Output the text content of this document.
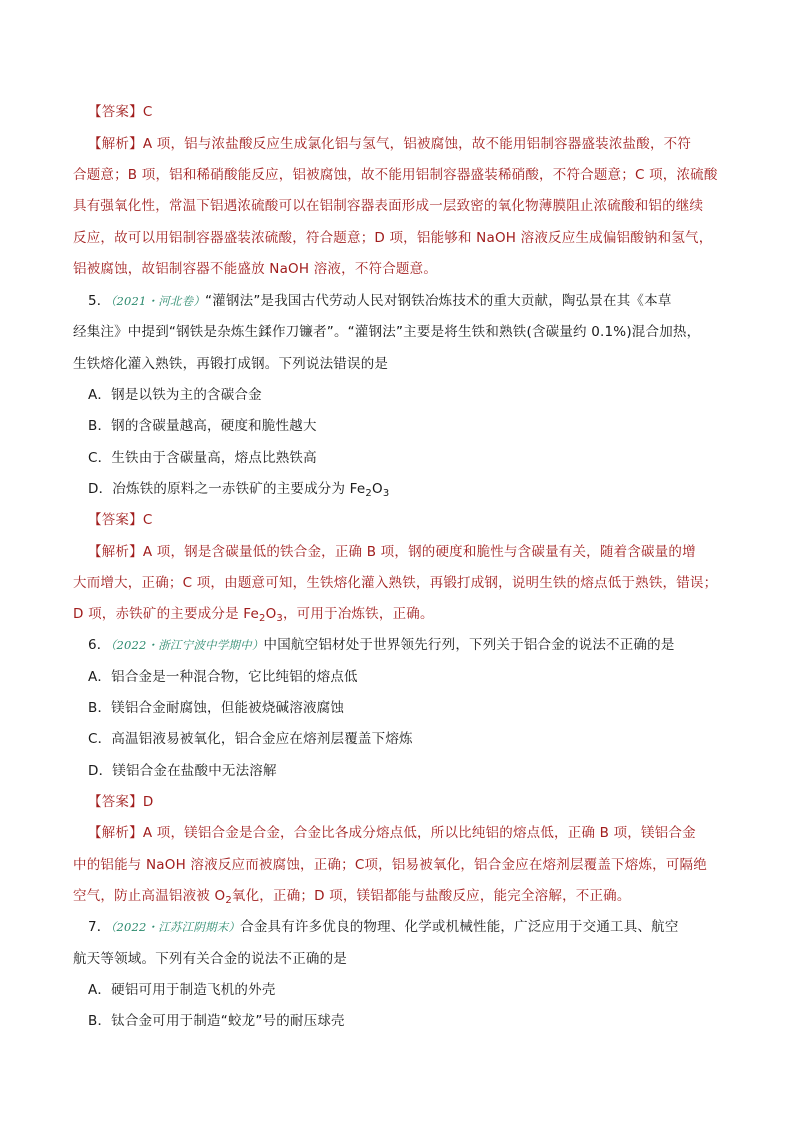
【答案】C
【解析】A 项，铝与浓盐酸反应生成氯化铝与氢气，铝被腐蚀，故不能用铝制容器盛装浓盐酸，不符
合题意；B 项，铝和稀硝酸能反应，铝被腐蚀，故不能用铝制容器盛装稀硝酸，不符合题意；C 项，浓硫酸
具有强氧化性，常温下铝遇浓硫酸可以在铝制容器表面形成一层致密的氧化物薄膜阻止浓硫酸和铝的继续
反应，故可以用铝制容器盛装浓硫酸，符合题意；D 项，铝能够和 NaOH 溶液反应生成偏铝酸钠和氢气，
铝被腐蚀，故铝制容器不能盛放 NaOH 溶液，不符合题意。
5．（2021・河北卷）“灌钢法”是我国古代劳动人民对钢铁冶炼技术的重大贡献，陶弘景在其《本草
经集注》中提到“钢铁是杂炼生鍒作刀镰者”。“灌钢法”主要是将生铁和熟铁(含碳量约 0.1%)混合加热，
生铁熔化灌入熟铁，再锻打成钢。下列说法错误的是
A．钢是以铁为主的含碳合金
B．钢的含碳量越高，硬度和脆性越大
C．生铁由于含碳量高，熔点比熟铁高
D．冶炼铁的原料之一赤铁矿的主要成分为 $Fe_2O_3$
【答案】C
【解析】A 项，钢是含碳量低的铁合金，正确 B 项，钢的硬度和脆性与含碳量有关，随着含碳量的增
大而增大，正确；C 项，由题意可知，生铁熔化灌入熟铁，再锻打成钢，说明生铁的熔点低于熟铁，错误；
D 项，赤铁矿的主要成分是 $Fe_2O_3$，可用于冶炼铁，正确。
6．（2022・浙江宁波中学期中）中国航空铝材处于世界领先行列，下列关于铝合金的说法不正确的是
A．铝合金是一种混合物，它比纯铝的熔点低
B．镁铝合金耐腐蚀，但能被烧碱溶液腐蚀
C．高温铝液易被氧化，铝合金应在熔剂层覆盖下熔炼
D．镁铝合金在盐酸中无法溶解
【答案】D
【解析】A 项，镁铝合金是合金，合金比各成分熔点低，所以比纯铝的熔点低，正确 B 项，镁铝合金
中的铝能与 NaOH 溶液反应而被腐蚀，正确；C项，铝易被氧化，铝合金应在熔剂层覆盖下熔炼，可隔绝
空气，防止高温铝液被 $O_2$氧化，正确；D 项，镁铝都能与盐酸反应，能完全溶解，不正确。
7．（2022・江苏江阴期末）合金具有许多优良的物理、化学或机械性能，广泛应用于交通工具、航空
航天等领域。下列有关合金的说法不正确的是
A．硬铝可用于制造飞机的外壳
B．钛合金可用于制造“蛟龙”号的耐压球壳
